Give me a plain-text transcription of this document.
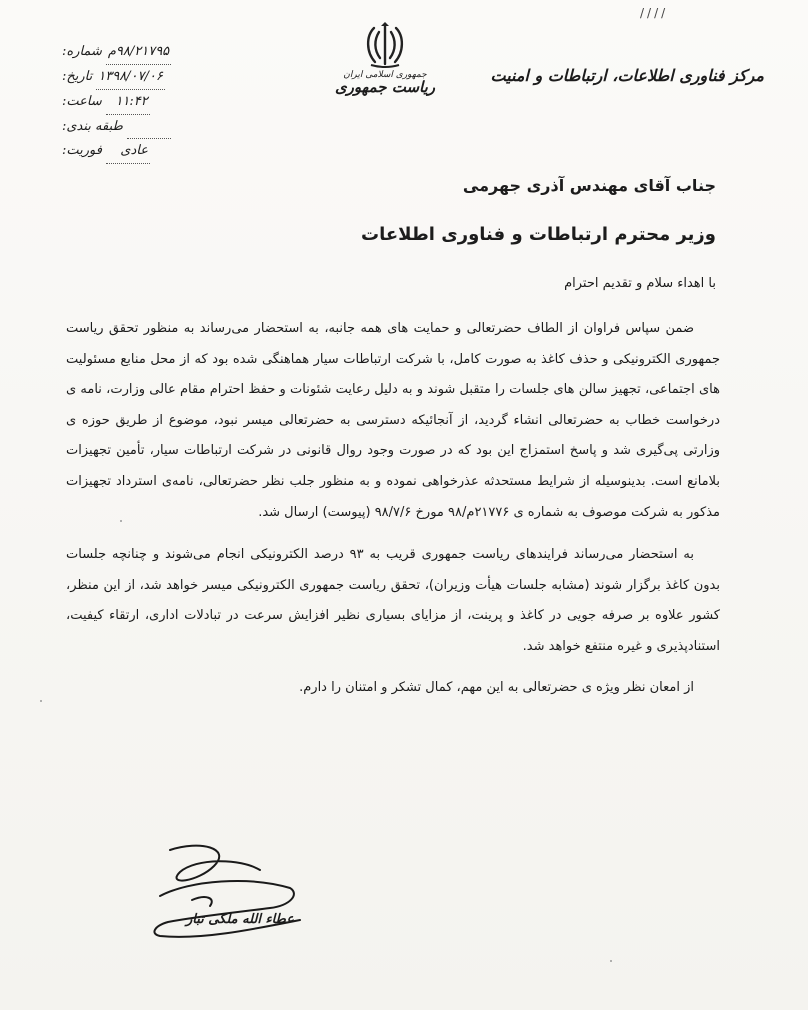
////
شماره: ۹۸/۲۱۷۹۵م
تاریخ: ۱۳۹۸/۰۷/۰۶
ساعت:	۱۱:۴۲
طبقه بندی:
فوریت:	عادی
جمهوری اسلامی ایران
ریاست جمهوری
مرکز فناوری اطلاعات، ارتباطات و امنیت
جناب آقای مهندس آذری جهرمی
وزیر محترم ارتباطات و فناوری اطلاعات
با اهداء سلام و تقدیم احترام

ضمن سپاس فراوان از الطاف حضرتعالی و حمایت های همه جانبه، به استحضار می‌رساند به منظور تحقق ریاست جمهوری الکترونیکی و حذف کاغذ به صورت کامل، با شرکت ارتباطات سیار هماهنگی شده بود که از محل منابع مسئولیت های اجتماعی، تجهیز سالن های جلسات را متقبل شوند و به دلیل رعایت شئونات و حفظ احترام مقام عالی وزارت، نامه ی درخواست خطاب به حضرتعالی انشاء گردید، از آنجائیکه دسترسی به حضرتعالی میسر نبود، موضوع از طریق حوزه ی وزارتی پی‌گیری شد و پاسخ استمزاج این بود که در صورت وجود روال قانونی در شرکت ارتباطات سیار، تأمین تجهیزات بلامانع است. بدینوسیله از شرایط مستحدثه عذرخواهی نموده و به منظور جلب نظر حضرتعالی، نامه‌ی استرداد تجهیزات مذکور به شرکت موصوف به شماره ی ۲۱۷۷۶م/۹۸ مورخ ۹۸/۷/۶ (پیوست) ارسال شد.

به استحضار می‌رساند فرایندهای ریاست جمهوری قریب به ۹۳ درصد الکترونیکی انجام می‌شوند و چنانچه جلسات بدون کاغذ برگزار شوند (مشابه جلسات هیأت وزیران)، تحقق ریاست جمهوری الکترونیکی میسر خواهد شد، از این منظر، کشور علاوه بر صرفه جویی در کاغذ و پرینت، از مزایای بسیاری نظیر افزایش سرعت در تبادلات اداری، ارتقاء کیفیت، استنادپذیری و غیره منتفع خواهد شد.

از امعان نظر ویژه ی حضرتعالی به این مهم، کمال تشکر و امتنان را دارم.

عطاء الله ملکی تبار
